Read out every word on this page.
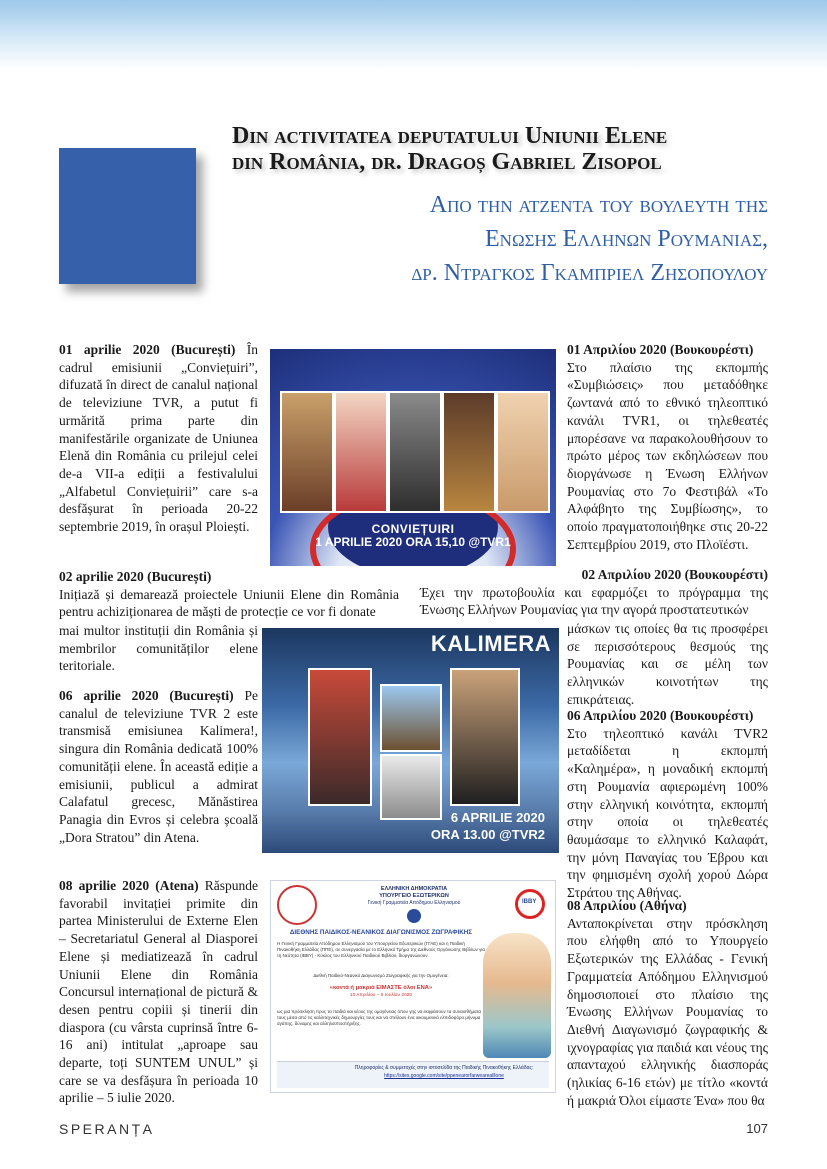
Din activitatea deputatului Uniunii Elene
din România, dr. Dragoș Gabriel Zisopol
Απο την ατζεντα του βουλευτη της
Ενωσης Ελληνων Ρουμανιας,
δρ. Ντραγκος Γκαμπριελ Ζησοπουλου

01 aprilie 2020 (București) În cadrul emisiunii „Conviețuiri”, difuzată în direct de canalul național de televiziune TVR, a putut fi urmărită prima parte din manifestările organizate de Uniunea Elenă din România cu prilejul celei de-a VII-a ediții a festivalului „Alfabetul Conviețuirii” care s-a desfășurat în perioada 20-22 septembrie 2019, în orașul Ploiești.

02 aprilie 2020 (București)
Inițiază și demarează proiectele Uniunii Elene din România pentru achiziționarea de măști de protecție ce vor fi donate

mai multor instituții din România și membrilor comunităților elene teritoriale.

06 aprilie 2020 (București) Pe canalul de televiziune TVR 2 este transmisă emisiunea Kalimera!, singura din România dedicată 100% comunității elene. În această ediție a emisiunii, publicul a admirat Calafatul grecesc, Mănăstirea Panagia din Evros și celebra școală „Dora Stratou” din Atena.

08 aprilie 2020 (Atena) Răspunde favorabil invitației primite din partea Ministerului de Externe Elen – Secretariatul General al Diasporei Elene și mediatizează în cadrul Uniunii Elene din România Concursul internațional de pictură & desen pentru copiii și tinerii din diaspora (cu vârsta cuprinsă între 6-16 ani) intitulat „aproape sau departe, toți SUNTEM UNUL” și care se va desfășura în perioada 10 aprilie – 5 iulie 2020.

01 Απριλίου 2020 (Βουκουρέστι)
Στο πλαίσιο της εκπομπής «Συμβιώσεις» που μεταδόθηκε ζωντανά από το εθνικό τηλεοπτικό κανάλι TVR1, οι τηλεθεατές μπορέσανε να παρακολουθήσουν το πρώτο μέρος των εκδηλώσεων που διοργάνωσε η Ένωση Ελλήνων Ρουμανίας στο 7ο Φεστιβάλ «Το Αλφάβητο της Συμβίωσης», το οποίο πραγματοποιήθηκε στις 20-22 Σεπτεμβρίου 2019, στο Πλοϊέστι.

02 Απριλίου 2020 (Βουκουρέστι)
Έχει την πρωτοβουλία και εφαρμόζει το πρόγραμμα της Ένωσης Ελλήνων Ρουμανίας για την αγορά προστατευτικών

μάσκων τις οποίες θα τις προσφέρει σε περισσότερους θεσμούς της Ρουμανίας και σε μέλη των ελληνικών κοινοτήτων της επικράτειας.

06 Απριλίου 2020 (Βουκουρέστι)
Στο τηλεοπτικό κανάλι TVR2 μεταδίδεται η εκπομπή «Καλημέρα», η μοναδική εκπομπή στη Ρουμανία αφιερωμένη 100% στην ελληνική κοινότητα, εκπομπή στην οποία οι τηλεθεατές θαυμάσαμε το ελληνικό Καλαφάτ, την μόνη Παναγίας του Έβρου και την φημισμένη σχολή χορού Δώρα Στράτου της Αθήνας.

08 Απριλίου (Αθήνα)
Ανταποκρίνεται στην πρόσκληση που ελήφθη από το Υπουργείο Εξωτερικών της Ελλάδας - Γενική Γραμματεία Απόδημου Ελληνισμού δημοσιοποιεί στο πλαίσιο της Ένωσης Ελλήνων Ρουμανίας το Διεθνή Διαγωνισμό ζωγραφικής & ιχνογραφίας για παιδιά και νέους της απανταχού ελληνικής διασποράς (ηλικίας 6-16 ετών) με τίτλο «κοντά ή μακριά Όλοι είμαστε Ένα» που θα

CONVIEȚUIRI
1 APRILIE 2020 ORA 15,10 @TVR1
KALIMERA
6 APRILIE 2020
ORA 13.00 @TVR2
IBBY
ΕΛΛΗΝΙΚΗ ΔΗΜΟΚΡΑΤΙΑ
ΥΠΟΥΡΓΕΙΟ ΕΞΩΤΕΡΙΚΩΝ
Γενική Γραμματεία Απόδημου Ελληνισμού
ΔΙΕΘΝΗΣ ΠΑΙΔΙΚΟΣ-ΝΕΑΝΙΚΟΣ ΔΙΑΓΩΝΙΣΜΟΣ ΖΩΓΡΑΦΙΚΗΣ
Η Γενική Γραμματεία Απόδημου Ελληνισμού του Υπουργείου Εξωτερικών (ΓΓΑΕ) και η Παιδική Πινακοθήκη Ελλάδας (ΠΠΕ), σε συνεργασία με το Ελληνικό Τμήμα της Διεθνούς Οργάνωσης Βιβλίων για τη Νεότητα (IBBY) - Κύκλος του Ελληνικού Παιδικού Βιβλίου, διοργανώνουν
Διεθνή Παιδικό-Νεανικό Διαγωνισμό Ζωγραφικής για την Ομογένεια:
«κοντά ή μακριά ΕΙΜΑΣΤΕ όλοι ΕΝΑ»
10 Απριλίου – 5 Ιουλίου 2020
ως μια πρόσκληση προς τα παιδιά και νέους της ομογένειας όπου γης να εκφράσουν τα συναισθήματα τους μέσα από τις καλλιτεχνικές δημιουργίες τους και να στείλουν ένα οικουμενικό ελπιδοφόρο μήνυμα αγάπης, δύναμης και αλληλοϋποστήριξης.
Πληροφορίες & συμμετοχές στην ιστοσελίδα της Παιδικής Πινακοθήκης Ελλάδας:
https://sites.google.com/site/ppenearorfarwearealllone
SPERANȚA	107
